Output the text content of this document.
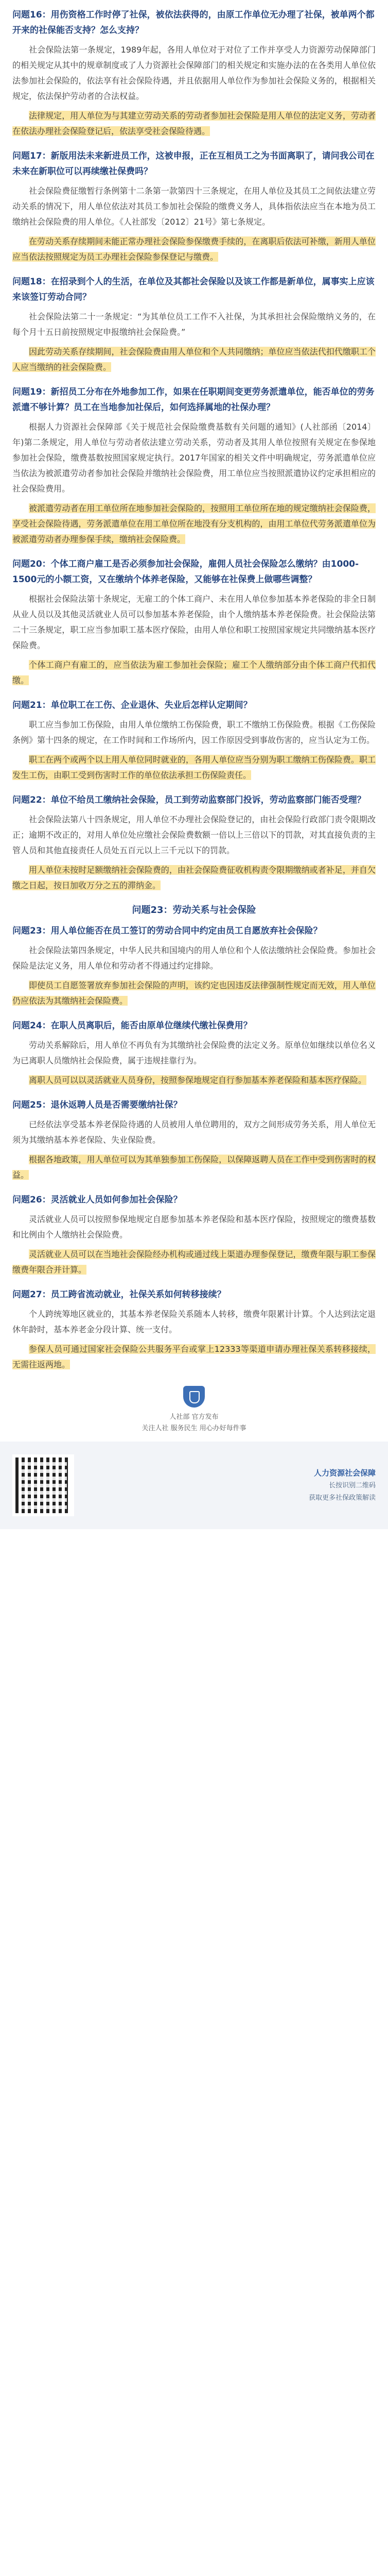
问题16：用伤资格工作时停了社保，被依法获得的，由原工作单位无办理了社保，被单两个都开来的社保能否支持？怎么支持？
社会保险法第一条规定，1989年起，各用人单位对于对位了工作并享受人力资源劳动保障部门的相关规定从其中的规章制度或了人力资源社会保障部门的相关规定和实施办法的在各类用人单位依法参加社会保险的，依法享有社会保险待遇，并且依据用人单位作为参加社会保险义务的，根据相关规定，依法保护劳动者的合法权益。
法律规定，用人单位为与其建立劳动关系的劳动者参加社会保险是用人单位的法定义务，劳动者在依法办理社会保险登记后，依法享受社会保险待遇。
问题17：新版用法未来新进员工作，这被申报，正在互相员工之为书面离职了，请问我公司在未来在新职位可以再续缴社保费吗？
社会保险费征缴暂行条例第十二条第一款第四十三条规定，在用人单位及其员工之间依法建立劳动关系的情况下，用人单位依法对其员工参加社会保险的缴费义务人，具体指依法应当在本地为员工缴纳社会保险费的用人单位。《人社部发〔2012〕21号》第七条规定。
在劳动关系存续期间未能正常办理社会保险参保缴费手续的，在离职后依法可补缴，新用人单位应当依法按照规定为员工办理社会保险参保登记与缴费。
问题18：在招录到个人的生活，在单位及其都社会保险以及该工作都是新单位，属事实上应该来该签订劳动合同？
社会保险法第二十一条规定：“为其单位员工工作不入社保，为其承担社会保险缴纳义务的，在每个月十五日前按照规定申报缴纳社会保险费。”
因此劳动关系存续期间，社会保险费由用人单位和个人共同缴纳；单位应当依法代扣代缴职工个人应当缴纳的社会保险费。
问题19：新招员工分布在外地参加工作，如果在任职期间变更劳务派遣单位，能否单位的劳务派遣不够计算？员工在当地参加社保后，如何选择属地的社保办理？
根据人力资源社会保障部《关于规范社会保险缴费基数有关问题的通知》(人社部函〔2014〕年)第二条规定，用人单位与劳动者依法建立劳动关系，劳动者及其用人单位按照有关规定在参保地参加社会保险，缴费基数按照国家规定执行。2017年国家的相关文件中明确规定，劳务派遣单位应当依法为被派遣劳动者参加社会保险并缴纳社会保险费，用工单位应当按照派遣协议约定承担相应的社会保险费用。
被派遣劳动者在用工单位所在地参加社会保险的，按照用工单位所在地的规定缴纳社会保险费，享受社会保险待遇，劳务派遣单位在用工单位所在地没有分支机构的，由用工单位代劳务派遣单位为被派遣劳动者办理参保手续，缴纳社会保险费。
问题20：个体工商户雇工是否必须参加社会保险，雇佣人员社会保险怎么缴纳？由1000-1500元的小额工资，又在缴纳个体养老保险，又能够在社保费上做哪些调整？
根据社会保险法第十条规定，无雇工的个体工商户、未在用人单位参加基本养老保险的非全日制从业人员以及其他灵活就业人员可以参加基本养老保险，由个人缴纳基本养老保险费。社会保险法第二十三条规定，职工应当参加职工基本医疗保险，由用人单位和职工按照国家规定共同缴纳基本医疗保险费。
个体工商户有雇工的，应当依法为雇工参加社会保险；雇工个人缴纳部分由个体工商户代扣代缴。
问题21：单位职工在工伤、企业退休、失业后怎样认定期间？
职工应当参加工伤保险，由用人单位缴纳工伤保险费，职工不缴纳工伤保险费。根据《工伤保险条例》第十四条的规定，在工作时间和工作场所内，因工作原因受到事故伤害的，应当认定为工伤。
职工在两个或两个以上用人单位同时就业的，各用人单位应当分别为职工缴纳工伤保险费。职工发生工伤，由职工受到伤害时工作的单位依法承担工伤保险责任。
问题22：单位不给员工缴纳社会保险，员工到劳动监察部门投诉，劳动监察部门能否受理？
社会保险法第八十四条规定，用人单位不办理社会保险登记的，由社会保险行政部门责令限期改正；逾期不改正的，对用人单位处应缴社会保险费数额一倍以上三倍以下的罚款，对其直接负责的主管人员和其他直接责任人员处五百元以上三千元以下的罚款。
用人单位未按时足额缴纳社会保险费的，由社会保险费征收机构责令限期缴纳或者补足，并自欠缴之日起，按日加收万分之五的滞纳金。
问题23：劳动关系与社会保险
问题23：用人单位能否在员工签订的劳动合同中约定由员工自愿放弃社会保险？
社会保险法第四条规定，中华人民共和国境内的用人单位和个人依法缴纳社会保险费。参加社会保险是法定义务，用人单位和劳动者不得通过约定排除。
即使员工自愿签署放弃参加社会保险的声明，该约定也因违反法律强制性规定而无效，用人单位仍应依法为其缴纳社会保险费。
问题24：在职人员离职后，能否由原单位继续代缴社保费用？
劳动关系解除后，用人单位不再负有为其缴纳社会保险费的法定义务。原单位如继续以单位名义为已离职人员缴纳社会保险费，属于违规挂靠行为。
离职人员可以以灵活就业人员身份，按照参保地规定自行参加基本养老保险和基本医疗保险。
问题25：退休返聘人员是否需要缴纳社保？
已经依法享受基本养老保险待遇的人员被用人单位聘用的，双方之间形成劳务关系，用人单位无须为其缴纳基本养老保险、失业保险费。
根据各地政策，用人单位可以为其单独参加工伤保险，以保障返聘人员在工作中受到伤害时的权益。
问题26：灵活就业人员如何参加社会保险？
灵活就业人员可以按照参保地规定自愿参加基本养老保险和基本医疗保险，按照规定的缴费基数和比例由个人缴纳社会保险费。
灵活就业人员可以在当地社会保险经办机构或通过线上渠道办理参保登记，缴费年限与职工参保缴费年限合并计算。
问题27：员工跨省流动就业，社保关系如何转移接续？
个人跨统筹地区就业的，其基本养老保险关系随本人转移，缴费年限累计计算。个人达到法定退休年龄时，基本养老金分段计算、统一支付。
参保人员可通过国家社会保险公共服务平台或掌上12333等渠道申请办理社保关系转移接续，无需往返两地。
人社部 官方发布
关注人社 服务民生 用心办好每件事
人力资源社会保障
长按识别二维码
获取更多社保政策解读
